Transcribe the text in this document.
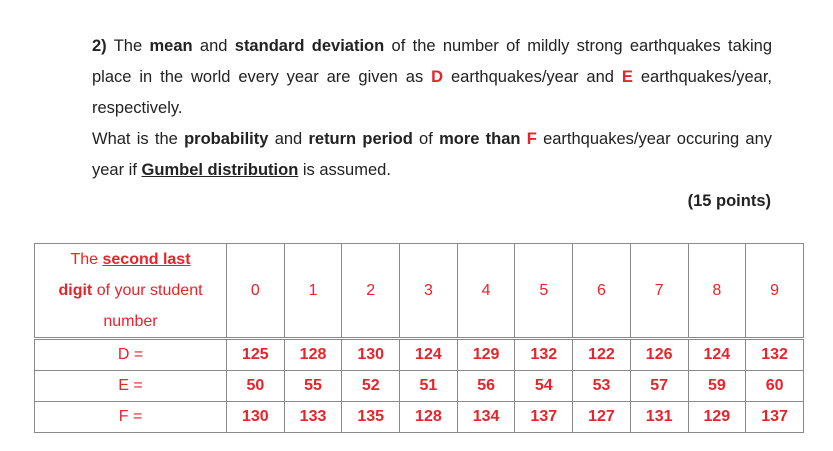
2) The mean and standard deviation of the number of mildly strong earthquakes taking place in the world every year are given as D earthquakes/year and E earthquakes/year, respectively.
What is the probability and return period of more than F earthquakes/year occuring any year if Gumbel distribution is assumed.
(15 points)
The second last
digit of your student number	0	1	2	3	4	5	6	7	8	9
D =	125	128	130	124	129	132	122	126	124	132
E =	50	55	52	51	56	54	53	57	59	60
F =	130	133	135	128	134	137	127	131	129	137
